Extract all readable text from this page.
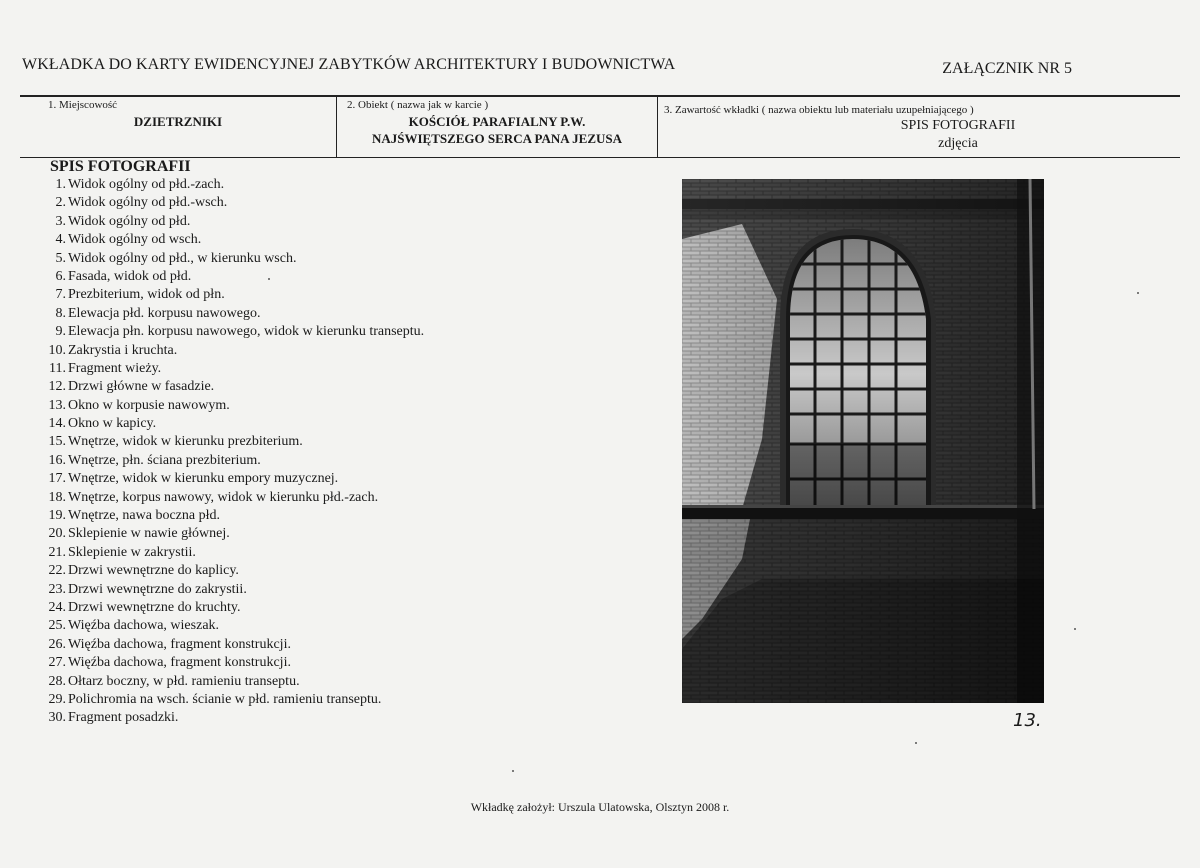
WKŁADKA DO KARTY EWIDENCYJNEJ ZABYTKÓW ARCHITEKTURY I BUDOWNICTWA	ZAŁĄCZNIK NR 5
1. Miejscowość
DZIETRZNIKI
2. Obiekt ( nazwa jak w karcie )
KOŚCIÓŁ PARAFIALNY P.W.
NAJŚWIĘTSZEGO SERCA PANA JEZUSA
3. Zawartość wkładki ( nazwa obiektu lub materiału uzupełniającego )
SPIS FOTOGRAFII
zdjęcia
SPIS FOTOGRAFII
1. Widok ogólny od płd.-zach.
2. Widok ogólny od płd.-wsch.
3. Widok ogólny od płd.
4. Widok ogólny od wsch.
5. Widok ogólny od płd., w kierunku wsch.
6. Fasada, widok od płd.
7. Prezbiterium, widok od płn.
8. Elewacja płd. korpusu nawowego.
9. Elewacja płn. korpusu nawowego, widok w kierunku transeptu.
10. Zakrystia i kruchta.
11. Fragment wieży.
12. Drzwi główne w fasadzie.
13. Okno w korpusie nawowym.
14. Okno w kapicy.
15. Wnętrze, widok w kierunku prezbiterium.
16. Wnętrze, płn. ściana prezbiterium.
17. Wnętrze, widok w kierunku empory muzycznej.
18. Wnętrze, korpus nawowy, widok w kierunku płd.-zach.
19. Wnętrze, nawa boczna płd.
20. Sklepienie w nawie głównej.
21. Sklepienie w zakrystii.
22. Drzwi wewnętrzne do kaplicy.
23. Drzwi wewnętrzne do zakrystii.
24. Drzwi wewnętrzne do kruchty.
25. Więźba dachowa, wieszak.
26. Więźba dachowa, fragment konstrukcji.
27. Więźba dachowa, fragment konstrukcji.
28. Ołtarz boczny, w płd. ramieniu transeptu.
29. Polichromia na wsch. ścianie w płd. ramieniu transeptu.
30. Fragment posadzki.	13.
Wkładkę założył: Urszula Ulatowska, Olsztyn 2008 r.
